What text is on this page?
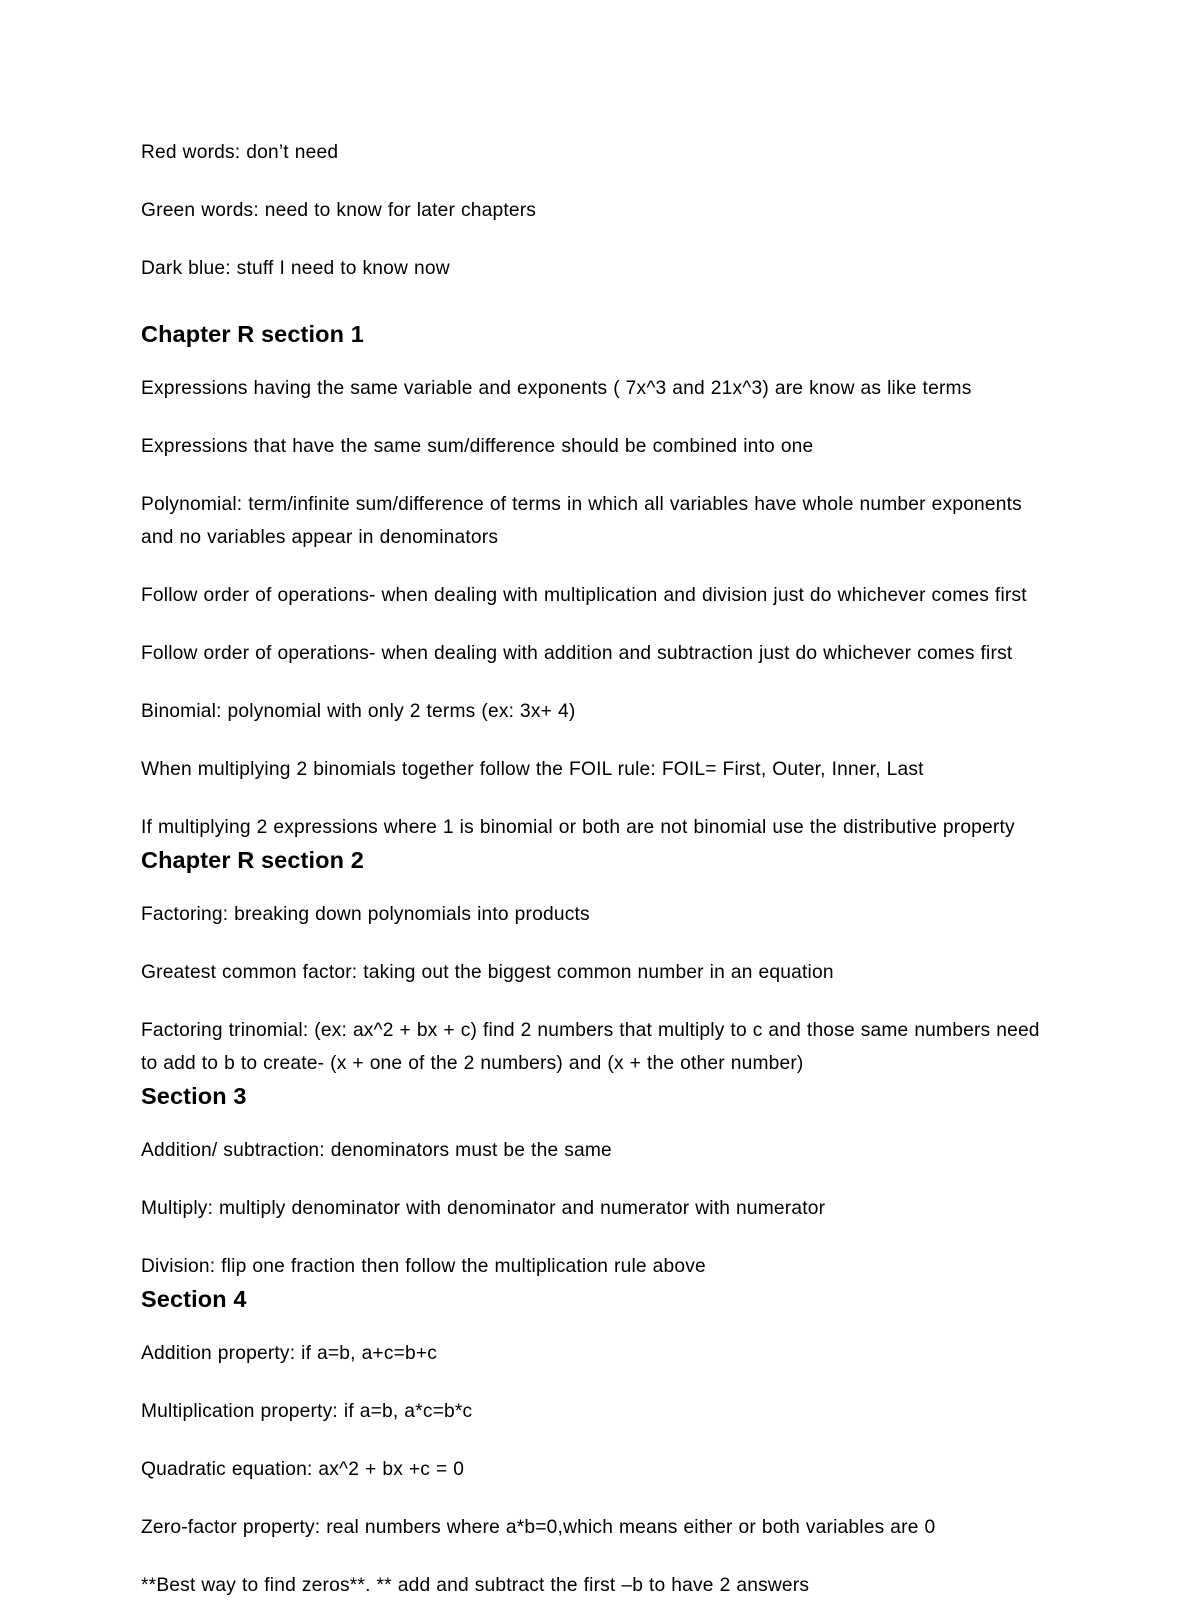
Red words: don’t need

Green words: need to know for later chapters

Dark blue: stuff I need to know now

Chapter R section 1

Expressions having the same variable and exponents ( 7x^3 and 21x^3) are know as like terms

Expressions that have the same sum/difference should be combined into one

Polynomial: term/infinite sum/difference of terms in which all variables have whole number exponents and no variables appear in denominators

Follow order of operations- when dealing with multiplication and division just do whichever comes first

Follow order of operations- when dealing with addition and subtraction just do whichever comes first

Binomial: polynomial with only 2 terms (ex: 3x+ 4)

When multiplying 2 binomials together follow the FOIL rule: FOIL= First, Outer, Inner, Last

If multiplying 2 expressions where 1 is binomial or both are not binomial use the distributive property

Chapter R section 2

Factoring: breaking down polynomials into products

Greatest common factor: taking out the biggest common number in an equation

Factoring trinomial: (ex: ax^2 + bx + c) find 2 numbers that multiply to c and those same numbers need to add to b to create- (x + one of the 2 numbers) and (x + the other number)

Section 3

Addition/ subtraction: denominators must be the same

Multiply: multiply denominator with denominator and numerator with numerator

Division: flip one fraction then follow the multiplication rule above

Section 4

Addition property: if a=b, a+c=b+c

Multiplication property: if a=b, a*c=b*c

Quadratic equation: ax^2 + bx +c = 0

Zero-factor property: real numbers where a*b=0,which means either or both variables are 0

**Best way to find zeros**. ** add and subtract the first –b to have 2 answers
